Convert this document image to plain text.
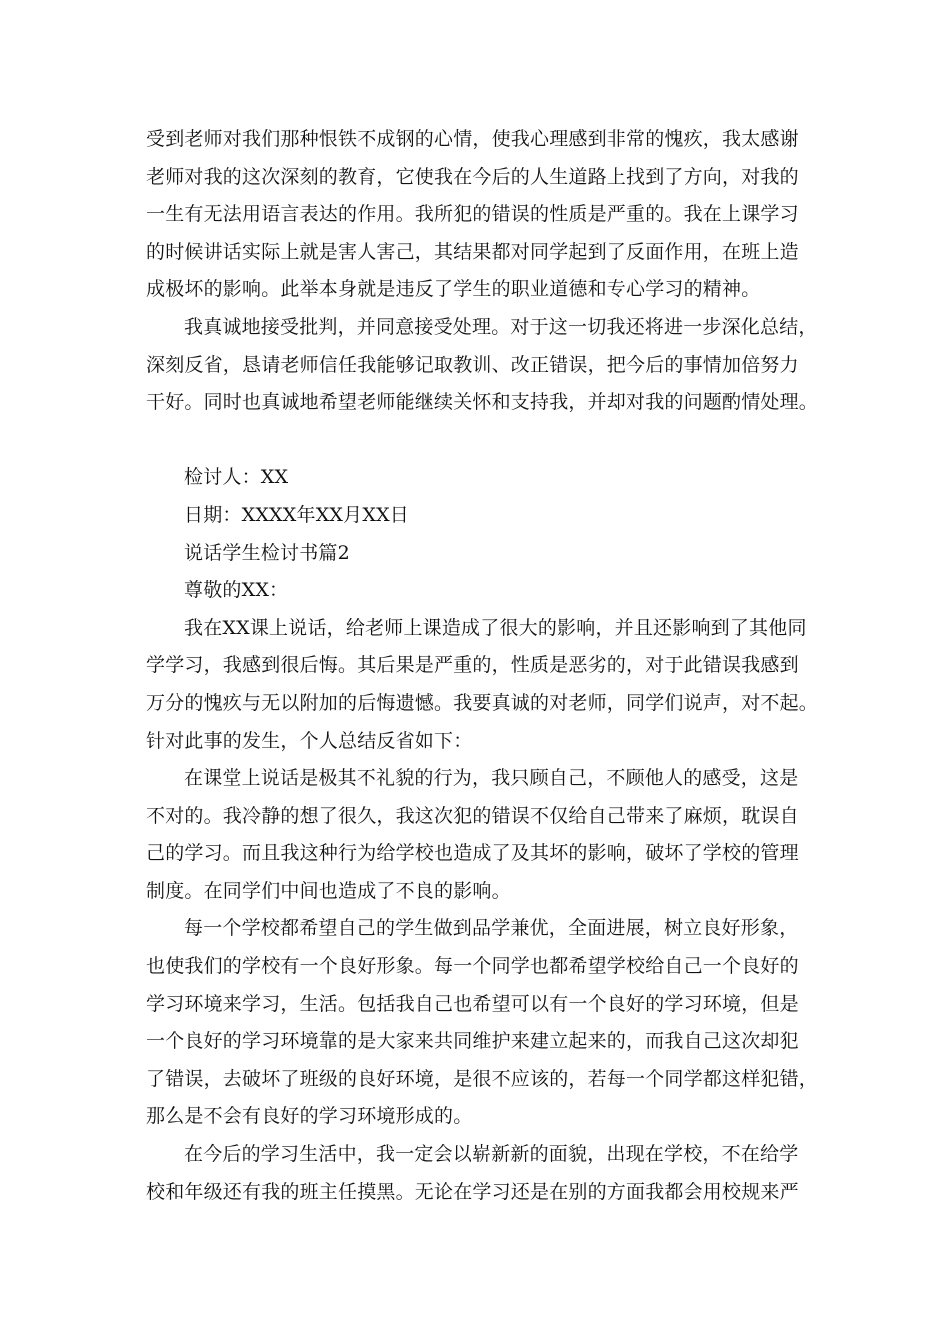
受到老师对我们那种恨铁不成钢的心情，使我心理感到非常的愧疚，我太感谢
老师对我的这次深刻的教育，它使我在今后的人生道路上找到了方向，对我的
一生有无法用语言表达的作用。我所犯的错误的性质是严重的。我在上课学习
的时候讲话实际上就是害人害己，其结果都对同学起到了反面作用，在班上造
成极坏的影响。此举本身就是违反了学生的职业道德和专心学习的精神。
我真诚地接受批判，并同意接受处理。对于这一切我还将进一步深化总结，
深刻反省，恳请老师信任我能够记取教训、改正错误，把今后的事情加倍努力
干好。同时也真诚地希望老师能继续关怀和支持我，并却对我的问题酌情处理。
检讨人：XX
日期：XXXX年XX月XX日
说话学生检讨书篇2
尊敬的XX：
我在XX课上说话，给老师上课造成了很大的影响，并且还影响到了其他同
学学习，我感到很后悔。其后果是严重的，性质是恶劣的，对于此错误我感到
万分的愧疚与无以附加的后悔遗憾。我要真诚的对老师，同学们说声，对不起。
针对此事的发生，个人总结反省如下：
在课堂上说话是极其不礼貌的行为，我只顾自己，不顾他人的感受，这是
不对的。我冷静的想了很久，我这次犯的错误不仅给自己带来了麻烦，耽误自
己的学习。而且我这种行为给学校也造成了及其坏的影响，破坏了学校的管理
制度。在同学们中间也造成了不良的影响。
每一个学校都希望自己的学生做到品学兼优，全面进展，树立良好形象，
也使我们的学校有一个良好形象。每一个同学也都希望学校给自己一个良好的
学习环境来学习，生活。包括我自己也希望可以有一个良好的学习环境，但是
一个良好的学习环境靠的是大家来共同维护来建立起来的，而我自己这次却犯
了错误，去破坏了班级的良好环境，是很不应该的，若每一个同学都这样犯错，
那么是不会有良好的学习环境形成的。
在今后的学习生活中，我一定会以崭新新的面貌，出现在学校，不在给学
校和年级还有我的班主任摸黑。无论在学习还是在别的方面我都会用校规来严
